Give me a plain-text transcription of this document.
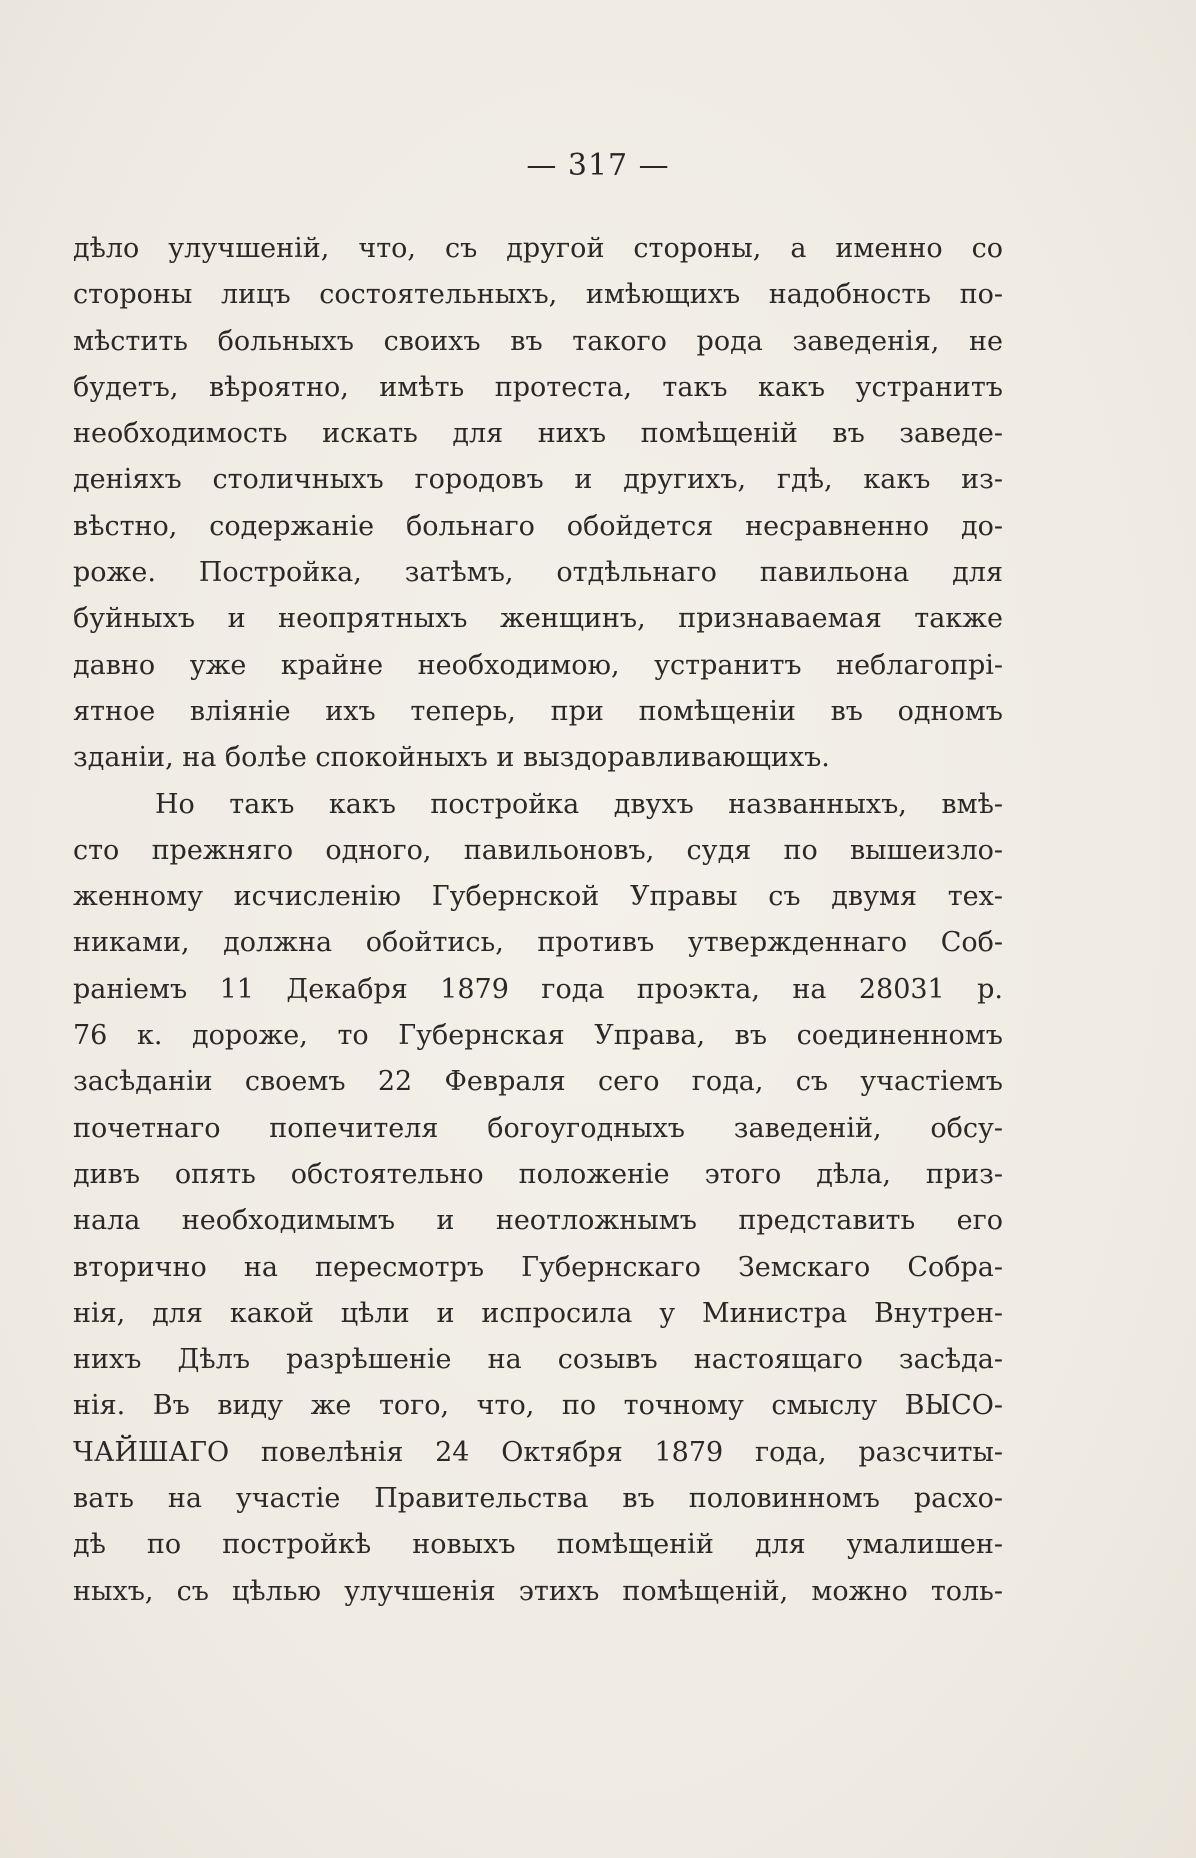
— 317 —
дѣло улучшеній, что, съ другой стороны, а именно со
стороны лицъ состоятельныхъ, имѣющихъ надобность по-
мѣстить больныхъ своихъ въ такого рода заведенія, не
будетъ, вѣроятно, имѣть протеста, такъ какъ устранитъ
необходимость искать для нихъ помѣщеній въ заведе-
деніяхъ столичныхъ городовъ и другихъ, гдѣ, какъ из-
вѣстно, содержаніе больнаго обойдется несравненно до-
роже. Постройка, затѣмъ, отдѣльнаго павильона для
буйныхъ и неопрятныхъ женщинъ, признаваемая также
давно уже крайне необходимою, устранитъ неблагопрі-
ятное вліяніе ихъ теперь, при помѣщеніи въ одномъ
зданіи, на болѣе спокойныхъ и выздоравливающихъ.
Но такъ какъ постройка двухъ названныхъ, вмѣ-
сто прежняго одного, павильоновъ, судя по вышеизло-
женному исчисленію Губернской Управы съ двумя тех-
никами, должна обойтись, противъ утвержденнаго Соб-
раніемъ 11 Декабря 1879 года проэкта, на 28031 р.
76 к. дороже, то Губернская Управа, въ соединенномъ
засѣданіи своемъ 22 Февраля сего года, съ участіемъ
почетнаго попечителя богоугодныхъ заведеній, обсу-
дивъ опять обстоятельно положеніе этого дѣла, приз-
нала необходимымъ и неотложнымъ представить его
вторично на пересмотръ Губернскаго Земскаго Собра-
нія, для какой цѣли и испросила у Министра Внутрен-
нихъ Дѣлъ разрѣшеніе на созывъ настоящаго засѣда-
нія. Въ виду же того, что, по точному смыслу ВЫСО-
ЧАЙШАГО повелѣнія 24 Октября 1879 года, разсчиты-
вать на участіе Правительства въ половинномъ расхо-
дѣ по постройкѣ новыхъ помѣщеній для умалишен-
ныхъ, съ цѣлью улучшенія этихъ помѣщеній, можно толь-
